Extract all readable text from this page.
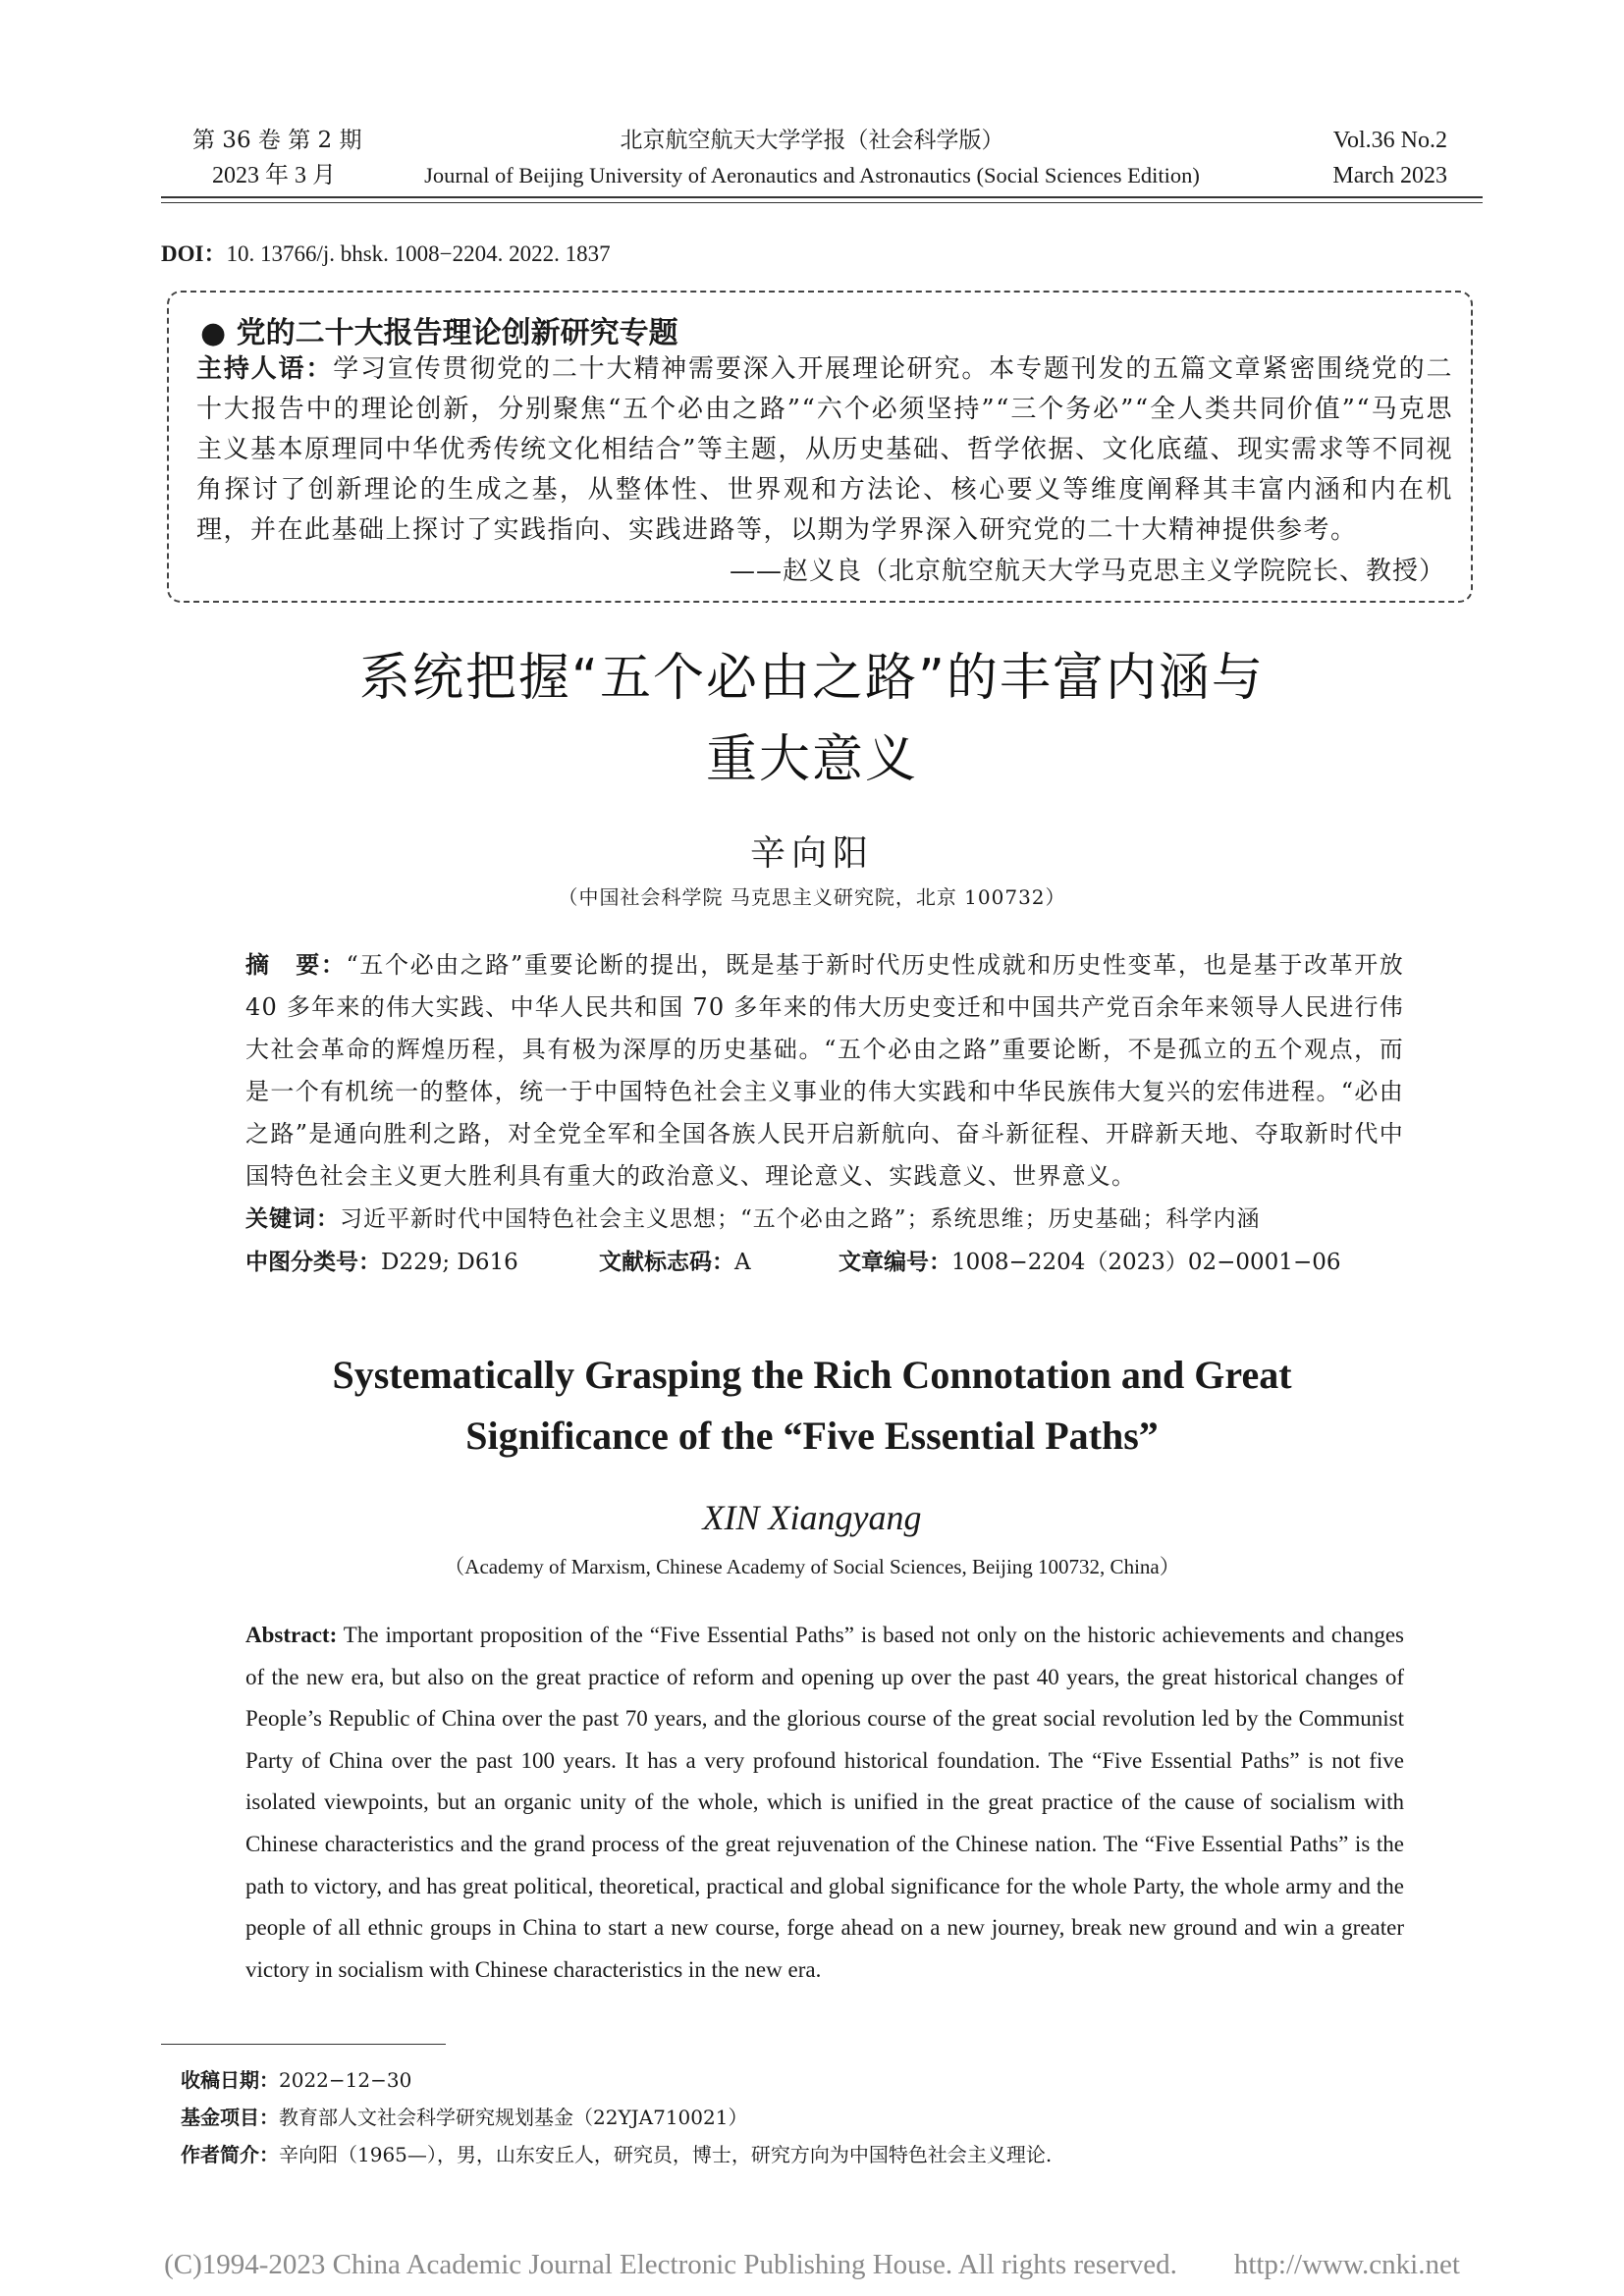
第 36 卷 第 2 期
2023 年 3 月
北京航空航天大学学报（社会科学版）
Journal of Beijing University of Aeronautics and Astronautics (Social Sciences Edition)
Vol.36 No.2
March 2023
DOI：10. 13766/j. bhsk. 1008−2204. 2022. 1837
● 党的二十大报告理论创新研究专题
主持人语：学习宣传贯彻党的二十大精神需要深入开展理论研究。本专题刊发的五篇文章紧密围绕党的二十大报告中的理论创新，分别聚焦“五个必由之路”“六个必须坚持”“三个务必”“全人类共同价值”“马克思主义基本原理同中华优秀传统文化相结合”等主题，从历史基础、哲学依据、文化底蕴、现实需求等不同视角探讨了创新理论的生成之基，从整体性、世界观和方法论、核心要义等维度阐释其丰富内涵和内在机理，并在此基础上探讨了实践指向、实践进路等，以期为学界深入研究党的二十大精神提供参考。
——赵义良（北京航空航天大学马克思主义学院院长、教授）
系统把握“五个必由之路”的丰富内涵与
重大意义
辛向阳
（中国社会科学院 马克思主义研究院，北京 100732）
摘　要：“五个必由之路”重要论断的提出，既是基于新时代历史性成就和历史性变革，也是基于改革开放 40 多年来的伟大实践、中华人民共和国 70 多年来的伟大历史变迁和中国共产党百余年来领导人民进行伟大社会革命的辉煌历程，具有极为深厚的历史基础。“五个必由之路”重要论断，不是孤立的五个观点，而是一个有机统一的整体，统一于中国特色社会主义事业的伟大实践和中华民族伟大复兴的宏伟进程。“必由之路”是通向胜利之路，对全党全军和全国各族人民开启新航向、奋斗新征程、开辟新天地、夺取新时代中国特色社会主义更大胜利具有重大的政治意义、理论意义、实践意义、世界意义。
关键词：习近平新时代中国特色社会主义思想；“五个必由之路”；系统思维；历史基础；科学内涵
中图分类号：D229; D616	文献标志码：A	文章编号：1008−2204（2023）02−0001−06
Systematically Grasping the Rich Connotation and Great
Significance of the “Five Essential Paths”
XIN Xiangyang
（Academy of Marxism, Chinese Academy of Social Sciences, Beijing 100732, China）
Abstract: The important proposition of the “Five Essential Paths” is based not only on the historic achievements and changes of the new era, but also on the great practice of reform and opening up over the past 40 years, the great historical changes of People’s Republic of China over the past 70 years, and the glorious course of the great social revolution led by the Communist Party of China over the past 100 years. It has a very profound historical foundation. The “Five Essential Paths” is not five isolated viewpoints, but an organic unity of the whole, which is unified in the great practice of the cause of socialism with Chinese characteristics and the grand process of the great rejuvenation of the Chinese nation. The “Five Essential Paths” is the path to victory, and has great political, theoretical, practical and global significance for the whole Party, the whole army and the people of all ethnic groups in China to start a new course, forge ahead on a new journey, break new ground and win a greater victory in socialism with Chinese characteristics in the new era.
收稿日期：2022−12−30
基金项目：教育部人文社会科学研究规划基金（22YJA710021）
作者简介：辛向阳（1965—），男，山东安丘人，研究员，博士，研究方向为中国特色社会主义理论.
(C)1994-2023 China Academic Journal Electronic Publishing House. All rights reserved.　　http://www.cnki.net
